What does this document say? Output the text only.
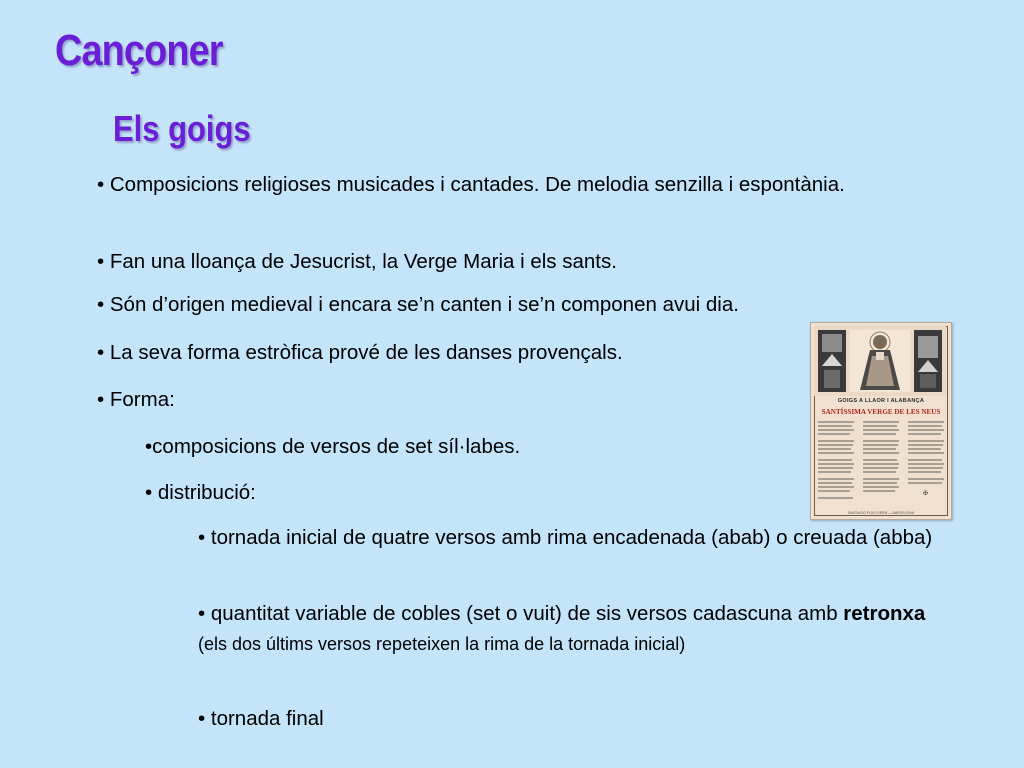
Cançoner
Els goigs
• Composicions religioses musicades i cantades. De melodia senzilla i espontània.
• Fan una lloança de Jesucrist, la Verge Maria i els sants.
• Són d’origen medieval i encara se’n canten i se’n componen avui dia.
• La seva forma estròfica prové de les danses provençals.
• Forma:
•composicions de versos de set síl·labes.
• distribució:
• tornada inicial de quatre versos amb rima encadenada (abab) o creuada (abba)
• quantitat variable de cobles (set o vuit) de sis versos cadascuna amb retronxa (els dos últims versos repeteixen la rima de la tornada inicial)
• tornada final
GOIGS A LLAOR I ALABANÇA
SANTÍSSIMA VERGE DE LES NEUS
✠
SANTIAGO PUIG ISERN — BARCELONA
